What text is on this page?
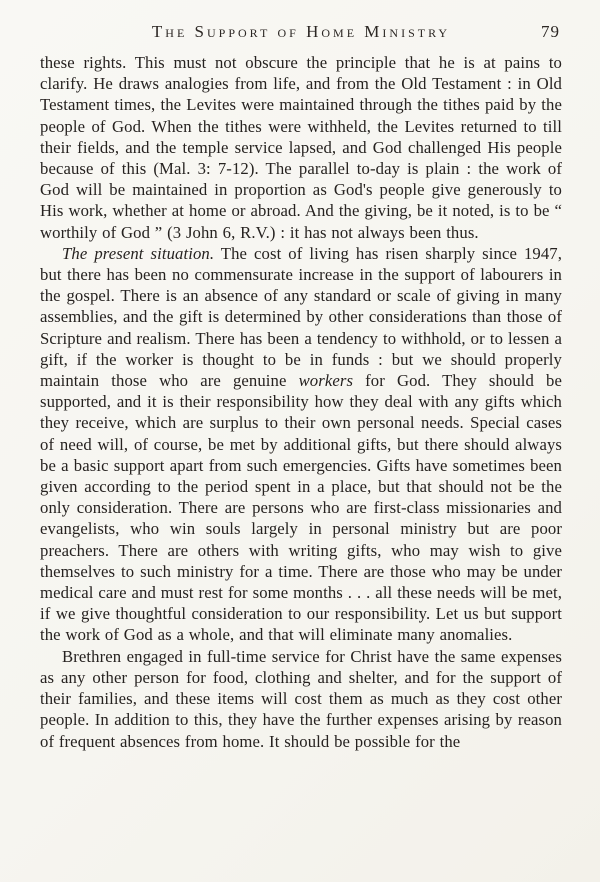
The Support of Home Ministry	79

these rights. This must not obscure the principle that he is at pains to clarify. He draws analogies from life, and from the Old Testament : in Old Testament times, the Levites were maintained through the tithes paid by the people of God. When the tithes were withheld, the Levites returned to till their fields, and the temple service lapsed, and God challenged His people because of this (Mal. 3: 7-12). The parallel to-day is plain : the work of God will be maintained in proportion as God's people give generously to His work, whether at home or abroad. And the giving, be it noted, is to be “ worthily of God ” (3 John 6, R.V.) : it has not always been thus.

The present situation. The cost of living has risen sharply since 1947, but there has been no commensurate increase in the support of labourers in the gospel. There is an absence of any standard or scale of giving in many assemblies, and the gift is determined by other considerations than those of Scripture and realism. There has been a tendency to withhold, or to lessen a gift, if the worker is thought to be in funds : but we should properly maintain those who are genuine workers for God. They should be supported, and it is their responsibility how they deal with any gifts which they receive, which are surplus to their own personal needs. Special cases of need will, of course, be met by additional gifts, but there should always be a basic support apart from such emergencies. Gifts have sometimes been given according to the period spent in a place, but that should not be the only consideration. There are persons who are first-class missionaries and evangelists, who win souls largely in personal ministry but are poor preachers. There are others with writing gifts, who may wish to give themselves to such ministry for a time. There are those who may be under medical care and must rest for some months . . . all these needs will be met, if we give thoughtful consideration to our responsibility. Let us but support the work of God as a whole, and that will eliminate many anomalies.

Brethren engaged in full-time service for Christ have the same expenses as any other person for food, clothing and shelter, and for the support of their families, and these items will cost them as much as they cost other people. In addition to this, they have the further expenses arising by reason of frequent absences from home. It should be possible for the
